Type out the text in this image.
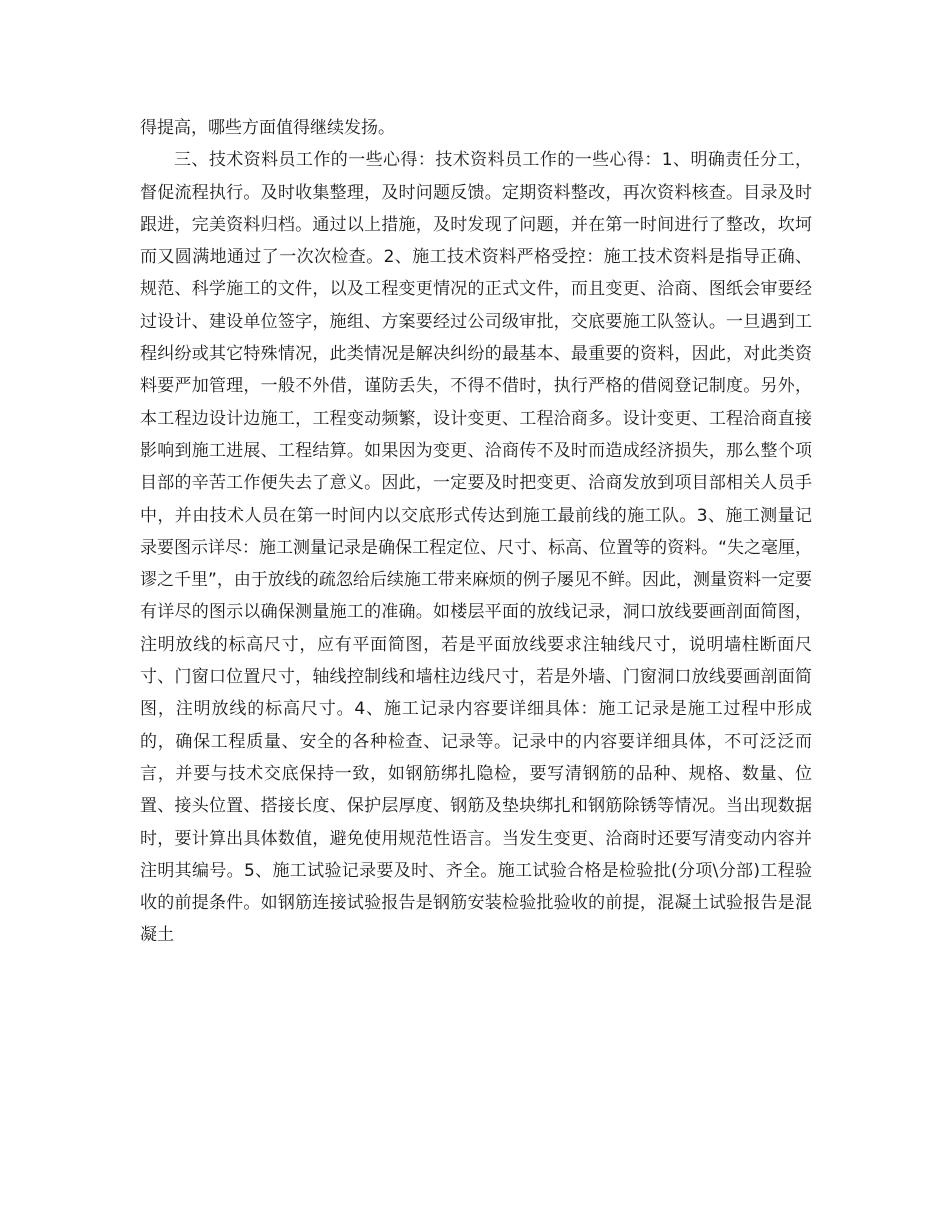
得提高，哪些方面值得继续发扬。

三、技术资料员工作的一些心得：技术资料员工作的一些心得：1、明确责任分工，督促流程执行。及时收集整理，及时问题反馈。定期资料整改，再次资料核查。目录及时跟进，完美资料归档。通过以上措施，及时发现了问题，并在第一时间进行了整改，坎坷而又圆满地通过了一次次检查。2、施工技术资料严格受控：施工技术资料是指导正确、规范、科学施工的文件，以及工程变更情况的正式文件，而且变更、洽商、图纸会审要经过设计、建设单位签字，施组、方案要经过公司级审批，交底要施工队签认。一旦遇到工程纠纷或其它特殊情况，此类情况是解决纠纷的最基本、最重要的资料，因此，对此类资料要严加管理，一般不外借，谨防丢失，不得不借时，执行严格的借阅登记制度。另外，本工程边设计边施工，工程变动频繁，设计变更、工程洽商多。设计变更、工程洽商直接影响到施工进展、工程结算。如果因为变更、洽商传不及时而造成经济损失，那么整个项目部的辛苦工作便失去了意义。因此，一定要及时把变更、洽商发放到项目部相关人员手中，并由技术人员在第一时间内以交底形式传达到施工最前线的施工队。3、施工测量记录要图示详尽：施工测量记录是确保工程定位、尺寸、标高、位置等的资料。“失之毫厘，谬之千里”，由于放线的疏忽给后续施工带来麻烦的例子屡见不鲜。因此，测量资料一定要有详尽的图示以确保测量施工的准确。如楼层平面的放线记录，洞口放线要画剖面简图，注明放线的标高尺寸，应有平面简图，若是平面放线要求注轴线尺寸，说明墙柱断面尺寸、门窗口位置尺寸，轴线控制线和墙柱边线尺寸，若是外墙、门窗洞口放线要画剖面简图，注明放线的标高尺寸。4、施工记录内容要详细具体：施工记录是施工过程中形成的，确保工程质量、安全的各种检查、记录等。记录中的内容要详细具体，不可泛泛而言，并要与技术交底保持一致，如钢筋绑扎隐检，要写清钢筋的品种、规格、数量、位置、接头位置、搭接长度、保护层厚度、钢筋及垫块绑扎和钢筋除锈等情况。当出现数据时，要计算出具体数值，避免使用规范性语言。当发生变更、洽商时还要写清变动内容并注明其编号。5、施工试验记录要及时、齐全。施工试验合格是检验批(分项\分部)工程验收的前提条件。如钢筋连接试验报告是钢筋安装检验批验收的前提，混凝土试验报告是混凝土
